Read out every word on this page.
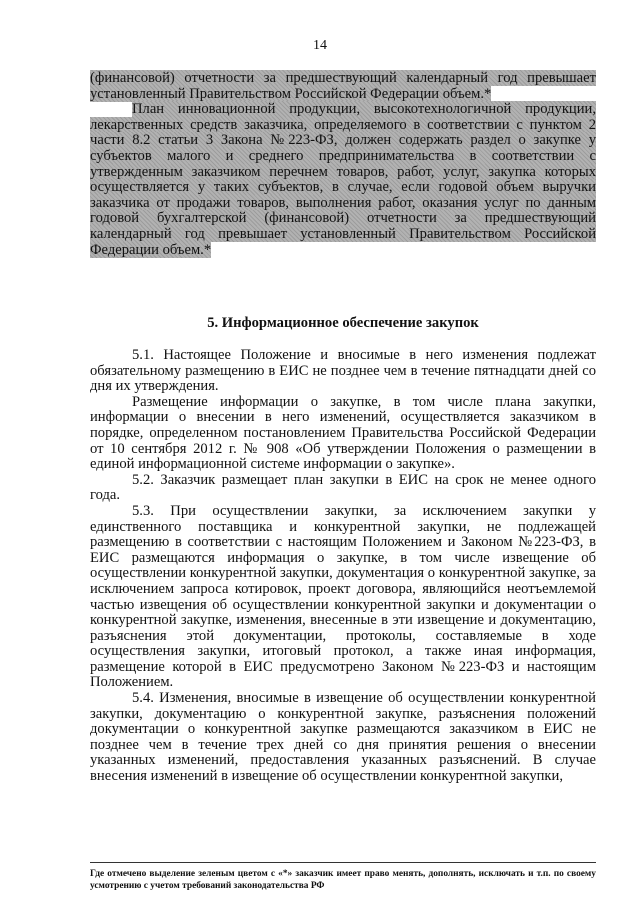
14

(финансовой) отчетности за предшествующий календарный год превышает установленный Правительством Российской Федерации объем.*

План инновационной продукции, высокотехнологичной продукции, лекарственных средств заказчика, определяемого в соответствии с пунктом 2 части 8.2 статьи 3 Закона №223-ФЗ, должен содержать раздел о закупке у субъектов малого и среднего предпринимательства в соответствии с утвержденным заказчиком перечнем товаров, работ, услуг, закупка которых осуществляется у таких субъектов, в случае, если годовой объем выручки заказчика от продажи товаров, выполнения работ, оказания услуг по данным годовой бухгалтерской (финансовой) отчетности за предшествующий календарный год превышает установленный Правительством Российской Федерации объем.*

5. Информационное обеспечение закупок

5.1. Настоящее Положение и вносимые в него изменения подлежат обязательному размещению в ЕИС не позднее чем в течение пятнадцати дней со дня их утверждения.

Размещение информации о закупке, в том числе плана закупки, информации о внесении в него изменений, осуществляется заказчиком в порядке, определенном постановлением Правительства Российской Федерации от 10 сентября 2012 г. № 908 «Об утверждении Положения о размещении в единой информационной системе информации о закупке».

5.2. Заказчик размещает план закупки в ЕИС на срок не менее одного года.

5.3. При осуществлении закупки, за исключением закупки у единственного поставщика и конкурентной закупки, не подлежащей размещению в соответствии с настоящим Положением и Законом №223-ФЗ, в ЕИС размещаются информация о закупке, в том числе извещение об осуществлении конкурентной закупки, документация о конкурентной закупке, за исключением запроса котировок, проект договора, являющийся неотъемлемой частью извещения об осуществлении конкурентной закупки и документации о конкурентной закупке, изменения, внесенные в эти извещение и документацию, разъяснения этой документации, протоколы, составляемые в ходе осуществления закупки, итоговый протокол, а также иная информация, размещение которой в ЕИС предусмотрено Законом №223-ФЗ и настоящим Положением.

5.4. Изменения, вносимые в извещение об осуществлении конкурентной закупки, документацию о конкурентной закупке, разъяснения положений документации о конкурентной закупке размещаются заказчиком в ЕИС не позднее чем в течение трех дней со дня принятия решения о внесении указанных изменений, предоставления указанных разъяснений. В случае внесения изменений в извещение об осуществлении конкурентной закупки,

Где отмечено выделение зеленым цветом с «*» заказчик имеет право менять, дополнять, исключать и т.п. по своему усмотрению с учетом требований законодательства РФ
